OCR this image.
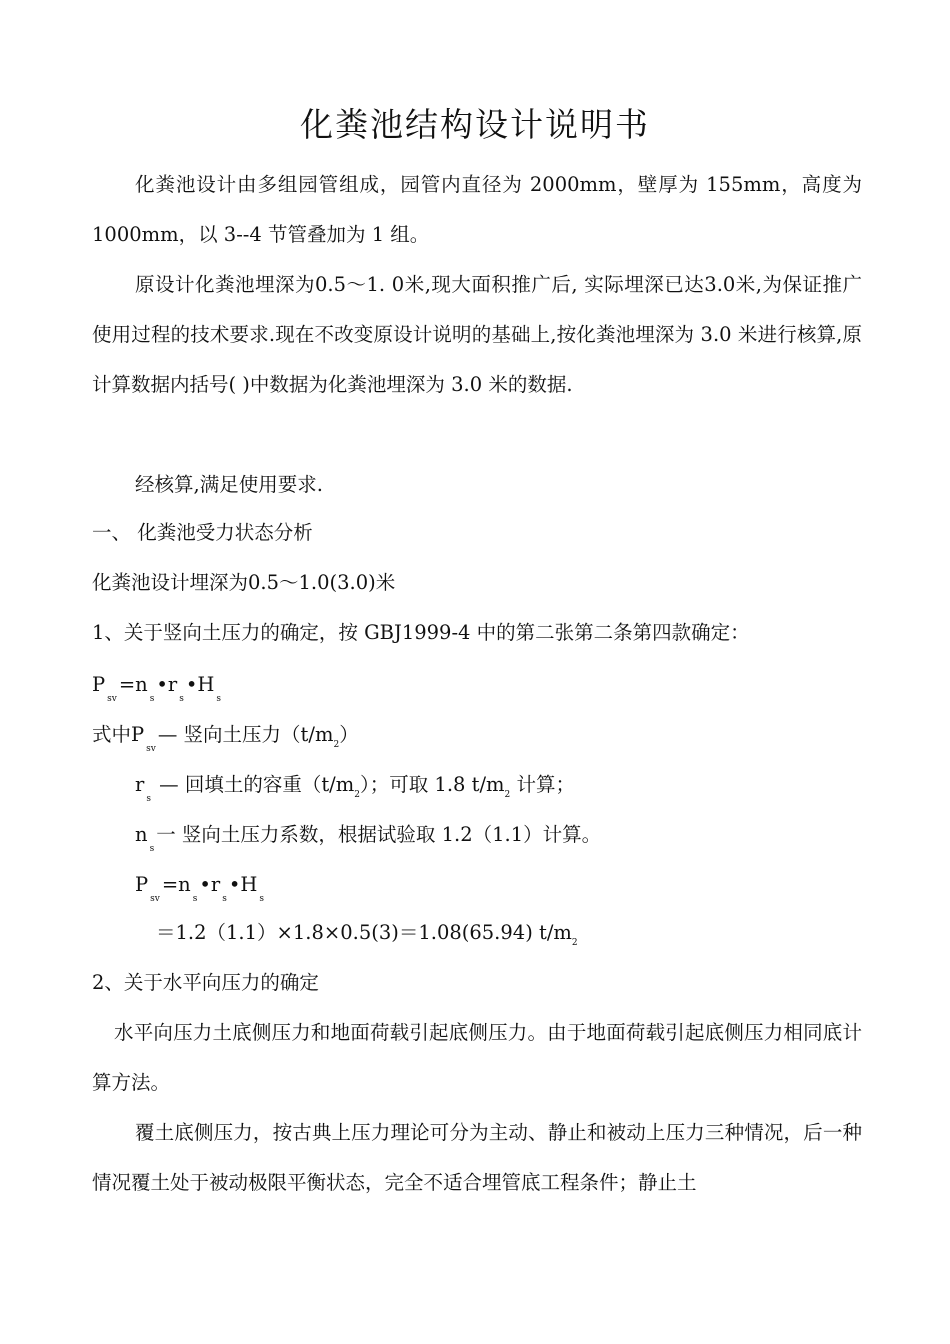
化粪池结构设计说明书
化粪池设计由多组园管组成，园管内直径为 2000mm，壁厚为 155mm，高度为 1000mm，以 3--4 节管叠加为 1 组。
原设计化粪池埋深为0.5～1. 0米,现大面积推广后, 实际埋深已达3.0米,为保证推广使用过程的技术要求.现在不改变原设计说明的基础上,按化粪池埋深为 3.0 米进行核算,原计算数据内括号( )中数据为化粪池埋深为 3.0 米的数据.
经核算,满足使用要求.
一、 化粪池受力状态分析
化粪池设计埋深为0.5～1.0(3.0)米
1、关于竖向土压力的确定，按 GBJ1999-4 中的第二张第二条第四款确定：
$P_{sv}=n_s•r_s•H_s$
式中$P_{sv}—$ 竖向土压力$(t/m_2)$
$r_s$ — 回填土的容重$(t/m_2)$；可取 1.8 $t/m_2$ 计算；
$n_s$一 竖向土压力系数，根据试验取 1.2（1.1）计算。
$P_{sv}=n_s•r_s•H_s$
＝1.2（1.1）×1.8×0.5(3)＝1.08(65.94) $t/m_2$
2、关于水平向压力的确定
水平向压力土底侧压力和地面荷载引起底侧压力。由于地面荷载引起底侧压力相同底计算方法。
覆土底侧压力，按古典上压力理论可分为主动、静止和被动上压力三种情况，后一种情况覆土处于被动极限平衡状态，完全不适合埋管底工程条件；静止土
